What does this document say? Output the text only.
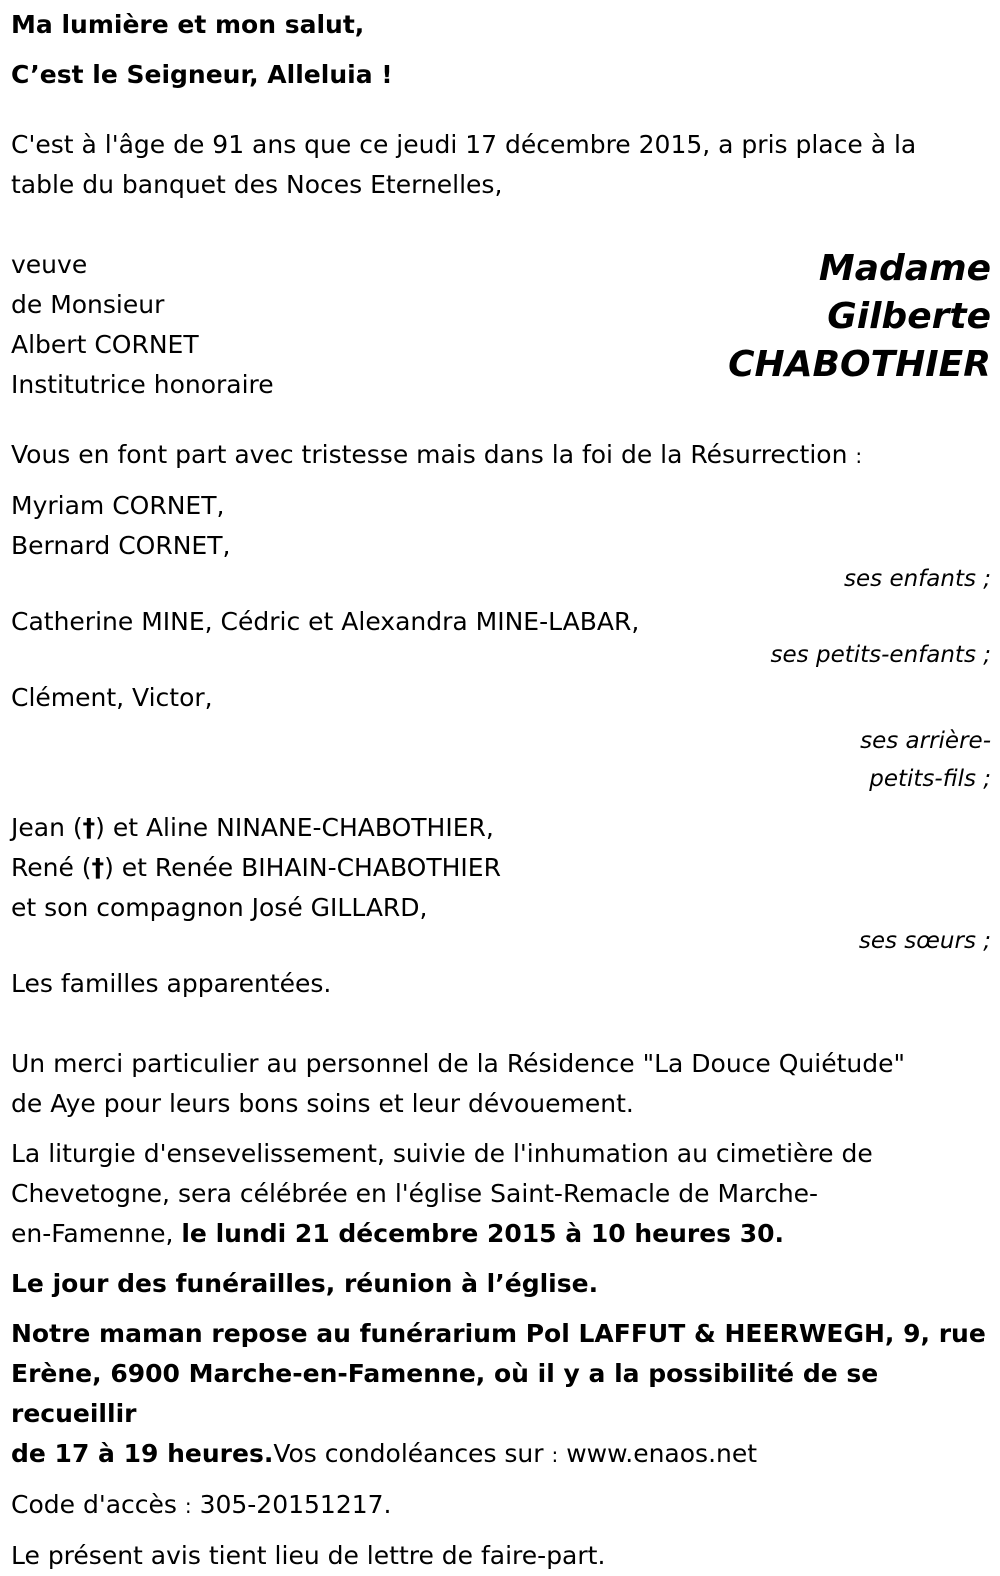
Ma lumière et mon salut,

C’est le Seigneur, Alleluia !

C'est à l'âge de 91 ans que ce jeudi 17 décembre 2015, a pris place à la

table du banquet des Noces Eternelles,

veuve

de Monsieur

Albert CORNET

Institutrice honoraire

Madame
Gilberte
CHABOTHIER

Vous en font part avec tristesse mais dans la foi de la Résurrection :

Myriam CORNET,

Bernard CORNET,

ses enfants ;

Catherine MINE, Cédric et Alexandra MINE-LABAR,

ses petits-enfants ;

Clément, Victor,

ses arrière-
petits-fils ;

Jean (†) et Aline NINANE-CHABOTHIER,

René (†) et Renée BIHAIN-CHABOTHIER

et son compagnon José GILLARD,

ses sœurs ;

Les familles apparentées.

Un merci particulier au personnel de la Résidence "La Douce Quiétude"

de Aye pour leurs bons soins et leur dévouement.

La liturgie d'ensevelissement, suivie de l'inhumation au cimetière de

Chevetogne, sera célébrée en l'église Saint-Remacle de Marche-

en-Famenne, le lundi 21 décembre 2015 à 10 heures 30.

Le jour des funérailles, réunion à l’église.

Notre maman repose au funérarium Pol LAFFUT & HEERWEGH, 9, rue

Erène, 6900 Marche-en-Famenne, où il y a la possibilité de se recueillir

de 17 à 19 heures.Vos condoléances sur : www.enaos.net

Code d'accès : 305-20151217.

Le présent avis tient lieu de lettre de faire-part.
